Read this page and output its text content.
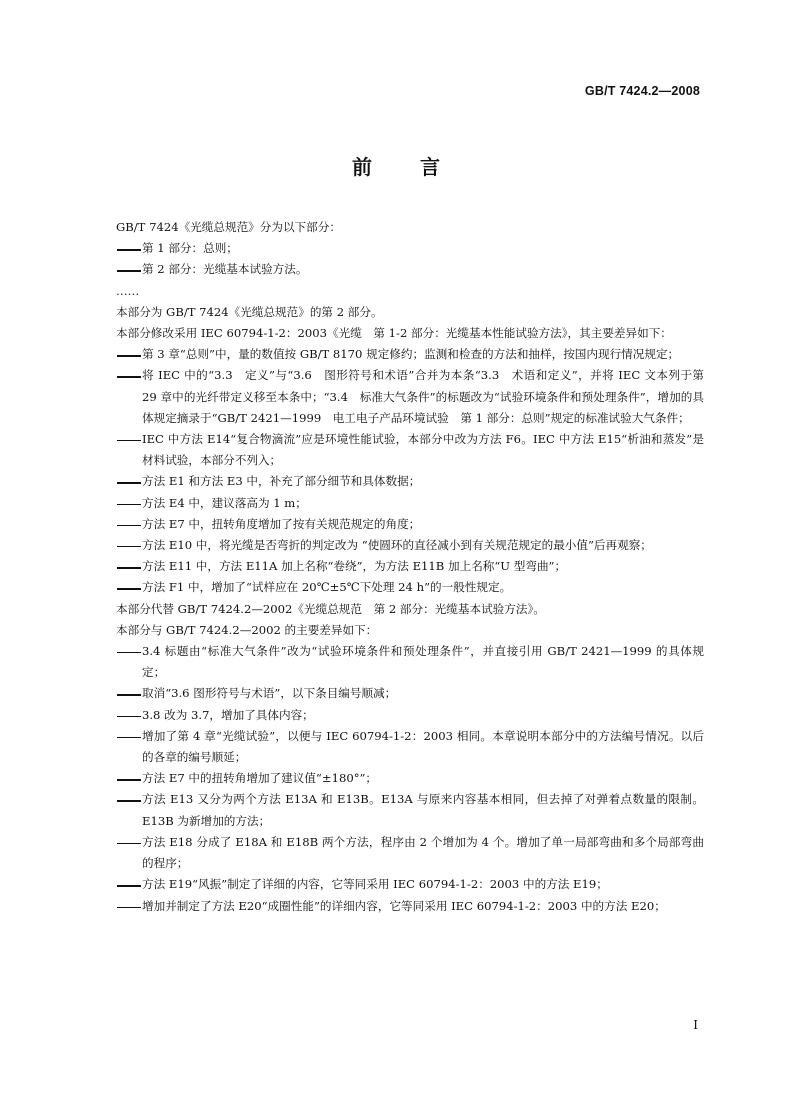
GB/T 7424.2—2008
前言

GB/T 7424《光缆总规范》分为以下部分：

第 1 部分：总则；

第 2 部分：光缆基本试验方法。

……

本部分为 GB/T 7424《光缆总规范》的第 2 部分。

本部分修改采用 IEC 60794-1-2：2003《光缆　第 1-2 部分：光缆基本性能试验方法》，其主要差异如下：

第 3 章“总则”中，量的数值按 GB/T 8170 规定修约；监测和检查的方法和抽样，按国内现行情况规定；

将 IEC 中的“3.3　定义”与“3.6　图形符号和术语”合并为本条“3.3　术语和定义”，并将 IEC 文本列于第 29 章中的光纤带定义移至本条中；“3.4　标准大气条件”的标题改为“试验环境条件和预处理条件”，增加的具体规定摘录于“GB/T 2421—1999　电工电子产品环境试验　第 1 部分：总则”规定的标准试验大气条件；

IEC 中方法 E14“复合物滴流”应是环境性能试验，本部分中改为方法 F6。IEC 中方法 E15“析油和蒸发”是材料试验，本部分不列入；

方法 E1 和方法 E3 中，补充了部分细节和具体数据；

方法 E4 中，建议落高为 1 m；

方法 E7 中，扭转角度增加了按有关规范规定的角度；

方法 E10 中，将光缆是否弯折的判定改为 “使圆环的直径减小到有关规范规定的最小值”后再观察；

方法 E11 中，方法 E11A 加上名称“卷绕”，为方法 E11B 加上名称“U 型弯曲”；

方法 F1 中，增加了“试样应在 20℃±5℃下处理 24 h”的一般性规定。

本部分代替 GB/T 7424.2—2002《光缆总规范　第 2 部分：光缆基本试验方法》。

本部分与 GB/T 7424.2—2002 的主要差异如下：

3.4 标题由“标准大气条件”改为“试验环境条件和预处理条件”，并直接引用 GB/T 2421—1999 的具体规定；

取消“3.6 图形符号与术语”，以下条目编号顺减；

3.8 改为 3.7，增加了具体内容；

增加了第 4 章“光缆试验”，以便与 IEC 60794-1-2：2003 相同。本章说明本部分中的方法编号情况。以后的各章的编号顺延；

方法 E7 中的扭转角增加了建议值“±180°”；

方法 E13 又分为两个方法 E13A 和 E13B。E13A 与原来内容基本相同，但去掉了对弹着点数量的限制。E13B 为新增加的方法；

方法 E18 分成了 E18A 和 E18B 两个方法，程序由 2 个增加为 4 个。增加了单一局部弯曲和多个局部弯曲的程序；

方法 E19“风振”制定了详细的内容，它等同采用 IEC 60794-1-2：2003 中的方法 E19；

增加并制定了方法 E20“成圈性能”的详细内容，它等同采用 IEC 60794-1-2：2003 中的方法 E20；

I
